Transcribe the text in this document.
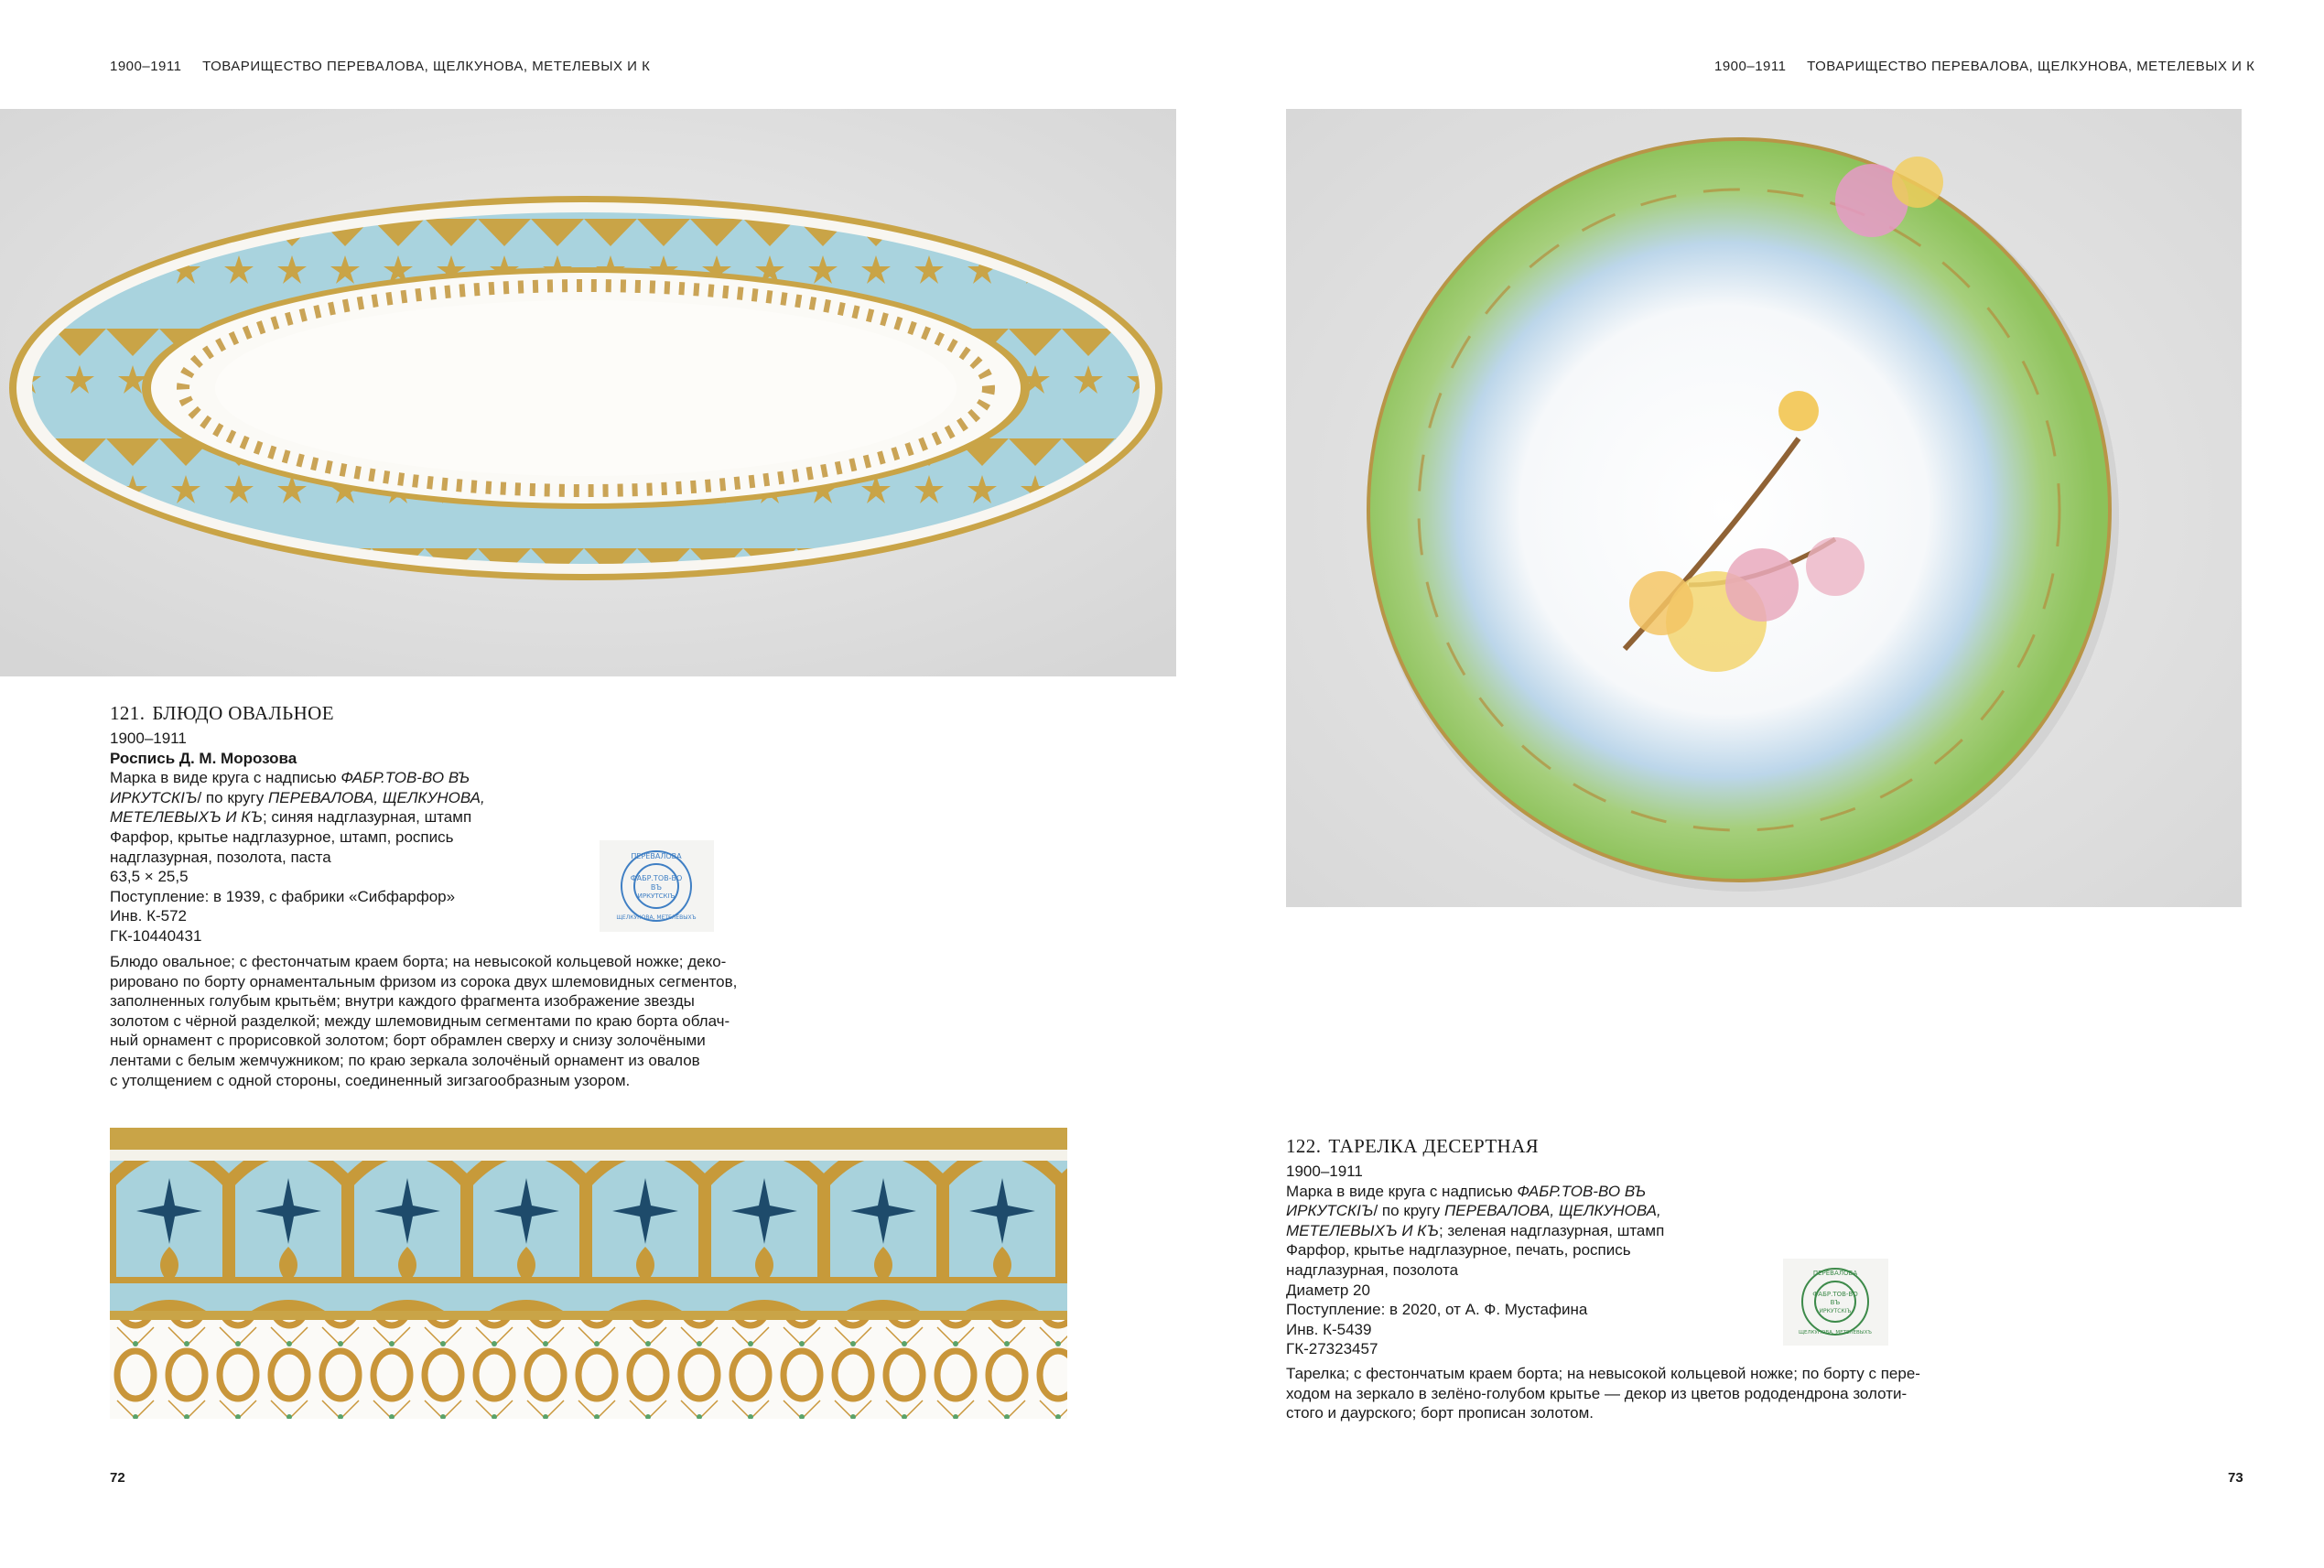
1900–1911 ТОВАРИЩЕСТВО ПЕРЕВАЛОВА, ЩЕЛКУНОВА, МЕТЕЛЕВЫХ И К	1900–1911 ТОВАРИЩЕСТВО ПЕРЕВАЛОВА, ЩЕЛКУНОВА, МЕТЕЛЕВЫХ И К
121. БЛЮДО ОВАЛЬНОЕ
1900–1911
Роспись Д. М. Морозова
Марка в виде круга с надписью ФАБР.ТОВ-ВО ВЪ
ИРКУТСКIЪ/ по кругу ПЕРЕВАЛОВА, ЩЕЛКУНОВА,
МЕТЕЛЕВЫХЪ И КЪ; синяя надглазурная, штамп
Фарфор, крытье надглазурное, штамп, роспись
надглазурная, позолота, паста
63,5 × 25,5
Поступление: в 1939, с фабрики «Сибфарфор»
Инв. К-572
ГК-10440431
ФАБР.ТОВ-ВО
ВЪ
ИРКУТСКIЪ
ПЕРЕВАЛОВА
ЩЕЛКУНОВА, МЕТЕЛЕВЫХЪ
Блюдо овальное; с фестончатым краем борта; на невысокой кольцевой ножке; деко-
рировано по борту орнаментальным фризом из сорока двух шлемовидных сегментов,
заполненных голубым крытьём; внутри каждого фрагмента изображение звезды
золотом с чёрной разделкой; между шлемовидным сегментами по краю борта облач-
ный орнамент с прорисовкой золотом; борт обрамлен сверху и снизу золочёными
лентами с белым жемчужником; по краю зеркала золочёный орнамент из овалов
с утолщением с одной стороны, соединенный зигзагообразным узором.
122. ТАРЕЛКА ДЕСЕРТНАЯ
1900–1911
Марка в виде круга с надписью ФАБР.ТОВ-ВО ВЪ
ИРКУТСКIЪ/ по кругу ПЕРЕВАЛОВА, ЩЕЛКУНОВА,
МЕТЕЛЕВЫХЪ И КЪ; зеленая надглазурная, штамп
Фарфор, крытье надглазурное, печать, роспись
надглазурная, позолота
Диаметр 20
Поступление: в 2020, от А. Ф. Мустафина
Инв. К-5439
ГК-27323457
ФАБР.ТОВ-ВО
ВЪ
ИРКУТСКIЪ
ПЕРЕВАЛОВА
ЩЕЛКУНОВА, МЕТЕЛЕВЫХЪ
Тарелка; с фестончатым краем борта; на невысокой кольцевой ножке; по борту с пере-
ходом на зеркало в зелёно-голубом крытье — декор из цветов рододендрона золоти-
стого и даурского; борт прописан золотом.
72	73
